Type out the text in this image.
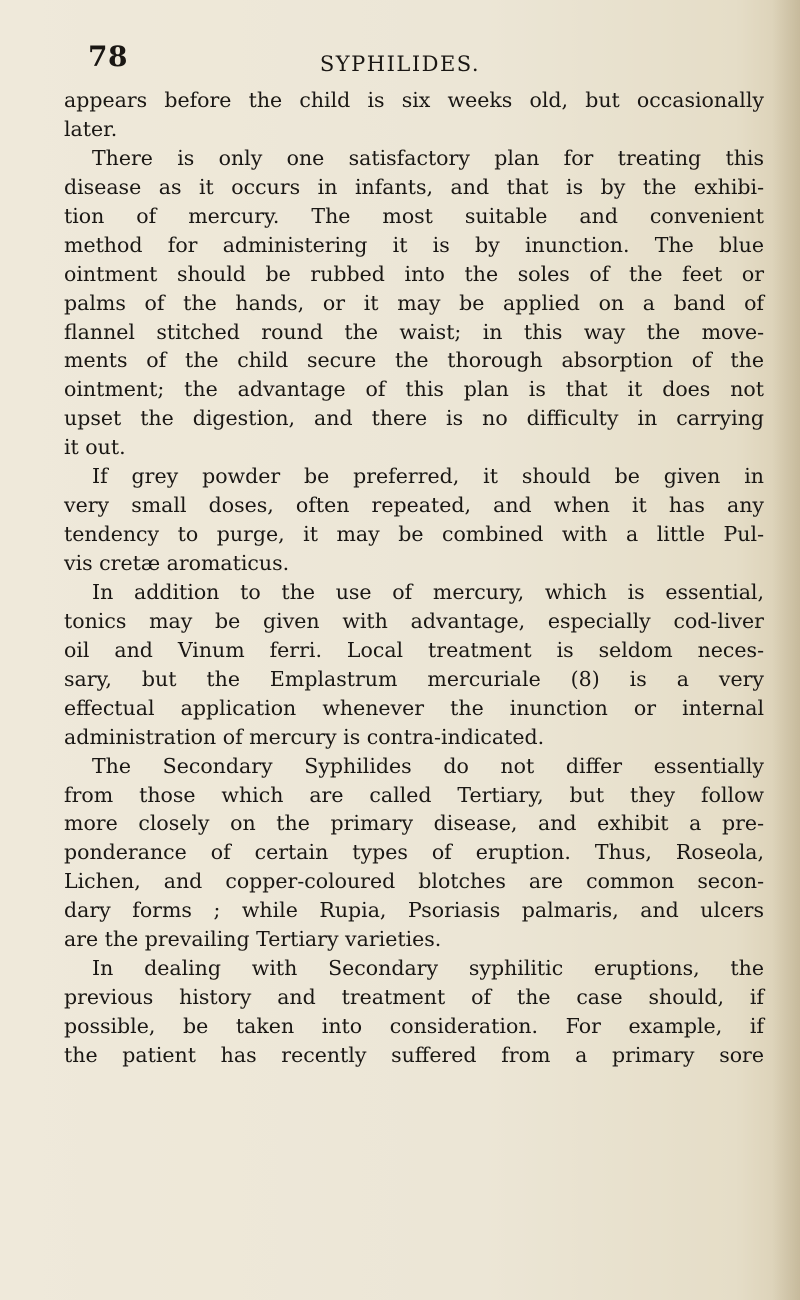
78	SYPHILIDES.
appears before the child is six weeks old, but occasionally
later.
There is only one satisfactory plan for treating this
disease as it occurs in infants, and that is by the exhibi-
tion of mercury. The most suitable and convenient
method for administering it is by inunction. The blue
ointment should be rubbed into the soles of the feet or
palms of the hands, or it may be applied on a band of
flannel stitched round the waist; in this way the move-
ments of the child secure the thorough absorption of the
ointment; the advantage of this plan is that it does not
upset the digestion, and there is no difficulty in carrying
it out.
If grey powder be preferred, it should be given in
very small doses, often repeated, and when it has any
tendency to purge, it may be combined with a little Pul-
vis cretæ aromaticus.
In addition to the use of mercury, which is essential,
tonics may be given with advantage, especially cod-liver
oil and Vinum ferri. Local treatment is seldom neces-
sary, but the Emplastrum mercuriale (8) is a very
effectual application whenever the inunction or internal
administration of mercury is contra-indicated.
The Secondary Syphilides do not differ essentially
from those which are called Tertiary, but they follow
more closely on the primary disease, and exhibit a pre-
ponderance of certain types of eruption. Thus, Roseola,
Lichen, and copper-coloured blotches are common secon-
dary forms ; while Rupia, Psoriasis palmaris, and ulcers
are the prevailing Tertiary varieties.
In dealing with Secondary syphilitic eruptions, the
previous history and treatment of the case should, if
possible, be taken into consideration. For example, if
the patient has recently suffered from a primary sore
